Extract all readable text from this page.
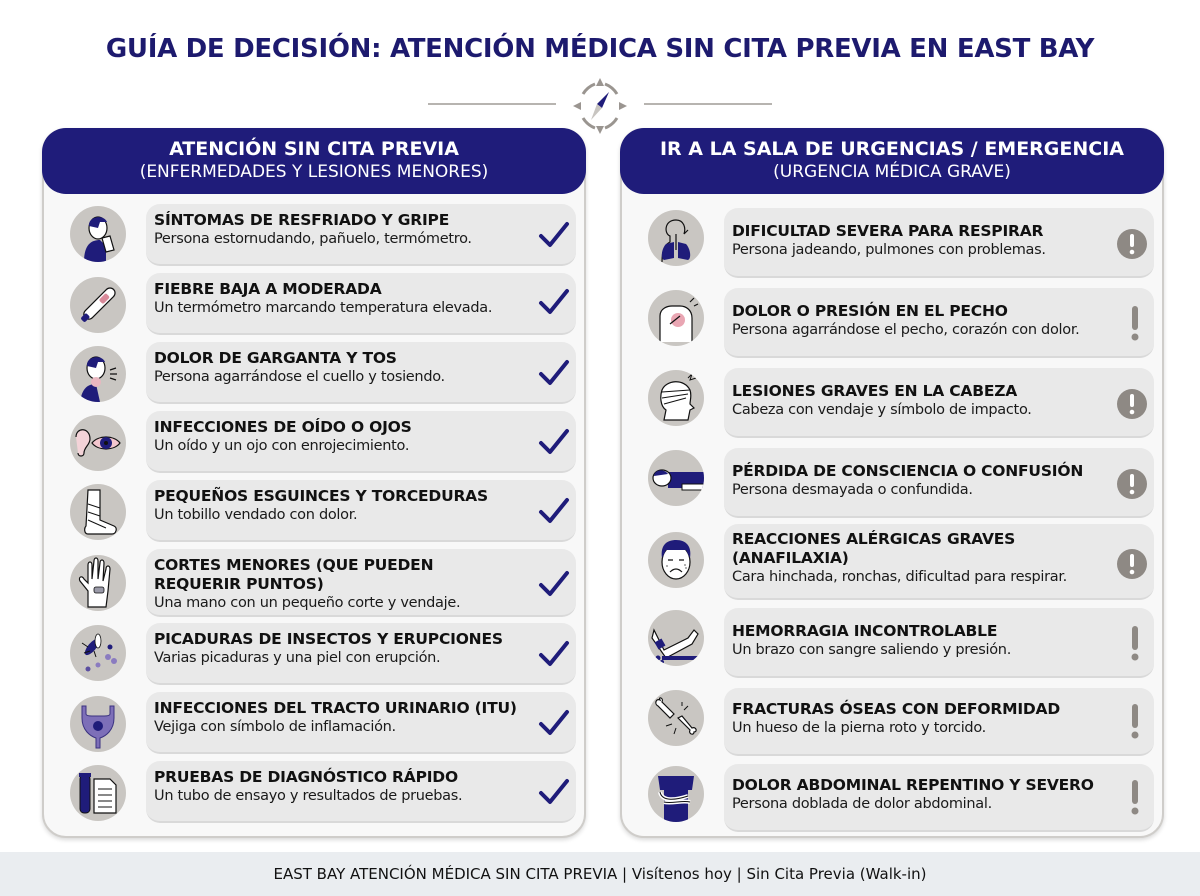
GUÍA DE DECISIÓN: ATENCIÓN MÉDICA SIN CITA PREVIA EN EAST BAY
ATENCIÓN SIN CITA PREVIA
(ENFERMEDADES Y LESIONES MENORES)
SÍNTOMAS DE RESFRIADO Y GRIPE
Persona estornudando, pañuelo, termómetro.
FIEBRE BAJA A MODERADA
Un termómetro marcando temperatura elevada.
DOLOR DE GARGANTA Y TOS
Persona agarrándose el cuello y tosiendo.
INFECCIONES DE OÍDO O OJOS
Un oído y un ojo con enrojecimiento.
PEQUEÑOS ESGUINCES Y TORCEDURAS
Un tobillo vendado con dolor.
CORTES MENORES (QUE PUEDEN REQUERIR PUNTOS)
Una mano con un pequeño corte y vendaje.
PICADURAS DE INSECTOS Y ERUPCIONES
Varias picaduras y una piel con erupción.
INFECCIONES DEL TRACTO URINARIO (ITU)
Vejiga con símbolo de inflamación.
PRUEBAS DE DIAGNÓSTICO RÁPIDO
Un tubo de ensayo y resultados de pruebas.
IR A LA SALA DE URGENCIAS / EMERGENCIA
(URGENCIA MÉDICA GRAVE)
DIFICULTAD SEVERA PARA RESPIRAR
Persona jadeando, pulmones con problemas.
DOLOR O PRESIÓN EN EL PECHO
Persona agarrándose el pecho, corazón con dolor.
LESIONES GRAVES EN LA CABEZA
Cabeza con vendaje y símbolo de impacto.
PÉRDIDA DE CONSCIENCIA O CONFUSIÓN
Persona desmayada o confundida.
REACCIONES ALÉRGICAS GRAVES (ANAFILAXIA)
Cara hinchada, ronchas, dificultad para respirar.
HEMORRAGIA INCONTROLABLE
Un brazo con sangre saliendo y presión.
FRACTURAS ÓSEAS CON DEFORMIDAD
Un hueso de la pierna roto y torcido.
DOLOR ABDOMINAL REPENTINO Y SEVERO
Persona doblada de dolor abdominal.
EAST BAY ATENCIÓN MÉDICA SIN CITA PREVIA | Visítenos hoy | Sin Cita Previa (Walk-in)
